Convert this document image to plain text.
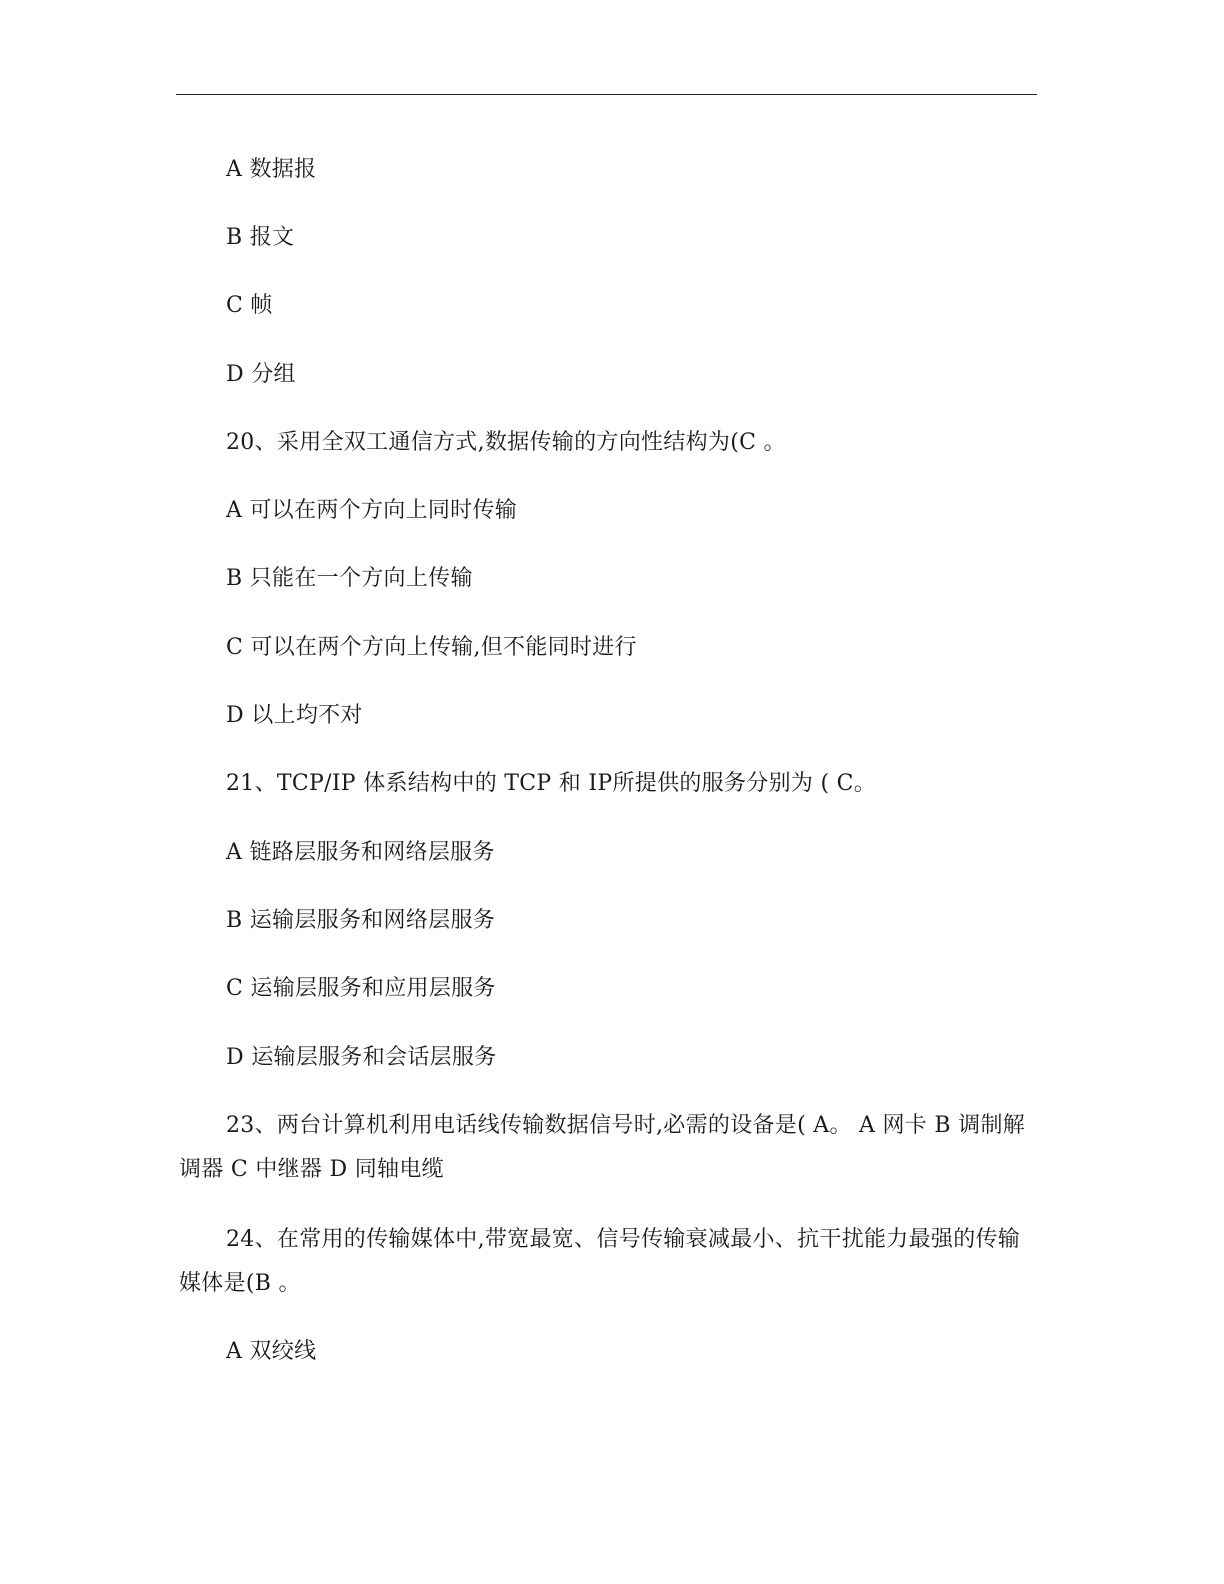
A 数据报
B 报文
C 帧
D 分组
20、采用全双工通信方式,数据传输的方向性结构为(C 。
A 可以在两个方向上同时传输
B 只能在一个方向上传输
C 可以在两个方向上传输,但不能同时进行
D 以上均不对
21、TCP/IP 体系结构中的 TCP 和 IP所提供的服务分别为 ( C。
A 链路层服务和网络层服务
B 运输层服务和网络层服务
C 运输层服务和应用层服务
D 运输层服务和会话层服务
23、两台计算机利用电话线传输数据信号时,必需的设备是( A。 A 网卡 B 调制解调器 C 中继器 D 同轴电缆
24、在常用的传输媒体中,带宽最宽、信号传输衰减最小、抗干扰能力最强的传输媒体是(B 。
A 双绞线
